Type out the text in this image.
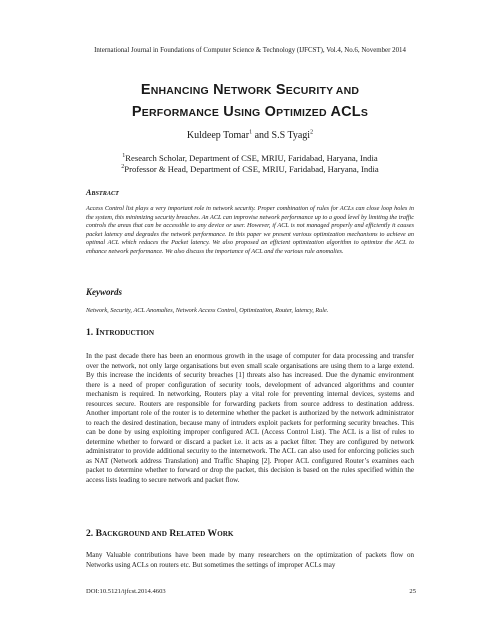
International Journal in Foundations of Computer Science & Technology (IJFCST), Vol.4, No.6, November 2014
ENHANCING NETWORK SECURITY AND
PERFORMANCE USING OPTIMIZED ACLS
Kuldeep Tomar$^1$ and S.S Tyagi$^2$
$^1$Research Scholar, Department of CSE, MRIU, Faridabad, Haryana, India
$^2$Professor & Head, Department of CSE, MRIU, Faridabad, Haryana, India
ABSTRACT
Access Control list plays a very important role in network security. Proper combination of rules for ACLs can close loop holes in the system, this minimizing security breaches. An ACL can improvise network performance up to a good level by limiting the traffic controls the areas that can be accessible to any device or user. However, if ACL is not managed properly and efficiently it causes packet latency and degrades the network performance. In this paper we present various optimization mechanisms to achieve an optimal ACL which reduces the Packet latency. We also proposed an efficient optimization algorithm to optimize the ACL to enhance network performance. We also discuss the importance of ACL and the various rule anomalies.
Keywords
Network, Security, ACL Anomalies, Network Access Control, Optimization, Router, latency, Rule.
1. INTRODUCTION
In the past decade there has been an enormous growth in the usage of computer for data processing and transfer over the network, not only large organisations but even small scale organisations are using them to a large extend. By this increase the incidents of security breaches [1] threats also has increased. Due the dynamic environment there is a need of proper configuration of security tools, development of advanced algorithms and counter mechanism is required. In networking, Routers play a vital role for preventing internal devices, systems and resources secure. Routers are responsible for forwarding packets from source address to destination address. Another important role of the router is to determine whether the packet is authorized by the network administrator to reach the desired destination, because many of intruders exploit packets for performing security breaches. This can be done by using exploiting improper configured ACL (Access Control List). The ACL is a list of rules to determine whether to forward or discard a packet i.e. it acts as a packet filter. They are configured by network administrator to provide additional security to the internetwork. The ACL can also used for enforcing policies such as NAT (Network address Translation) and Traffic Shaping [2]. Proper ACL configured Router’s examines each packet to determine whether to forward or drop the packet, this decision is based on the rules specified within the access lists leading to secure network and packet flow.
2. BACKGROUND AND RELATED WORK
Many Valuable contributions have been made by many researchers on the optimization of packets flow on Networks using ACLs on routers etc. But sometimes the settings of improper ACLs may
DOI:10.5121/ijfcst.2014.4603	25
